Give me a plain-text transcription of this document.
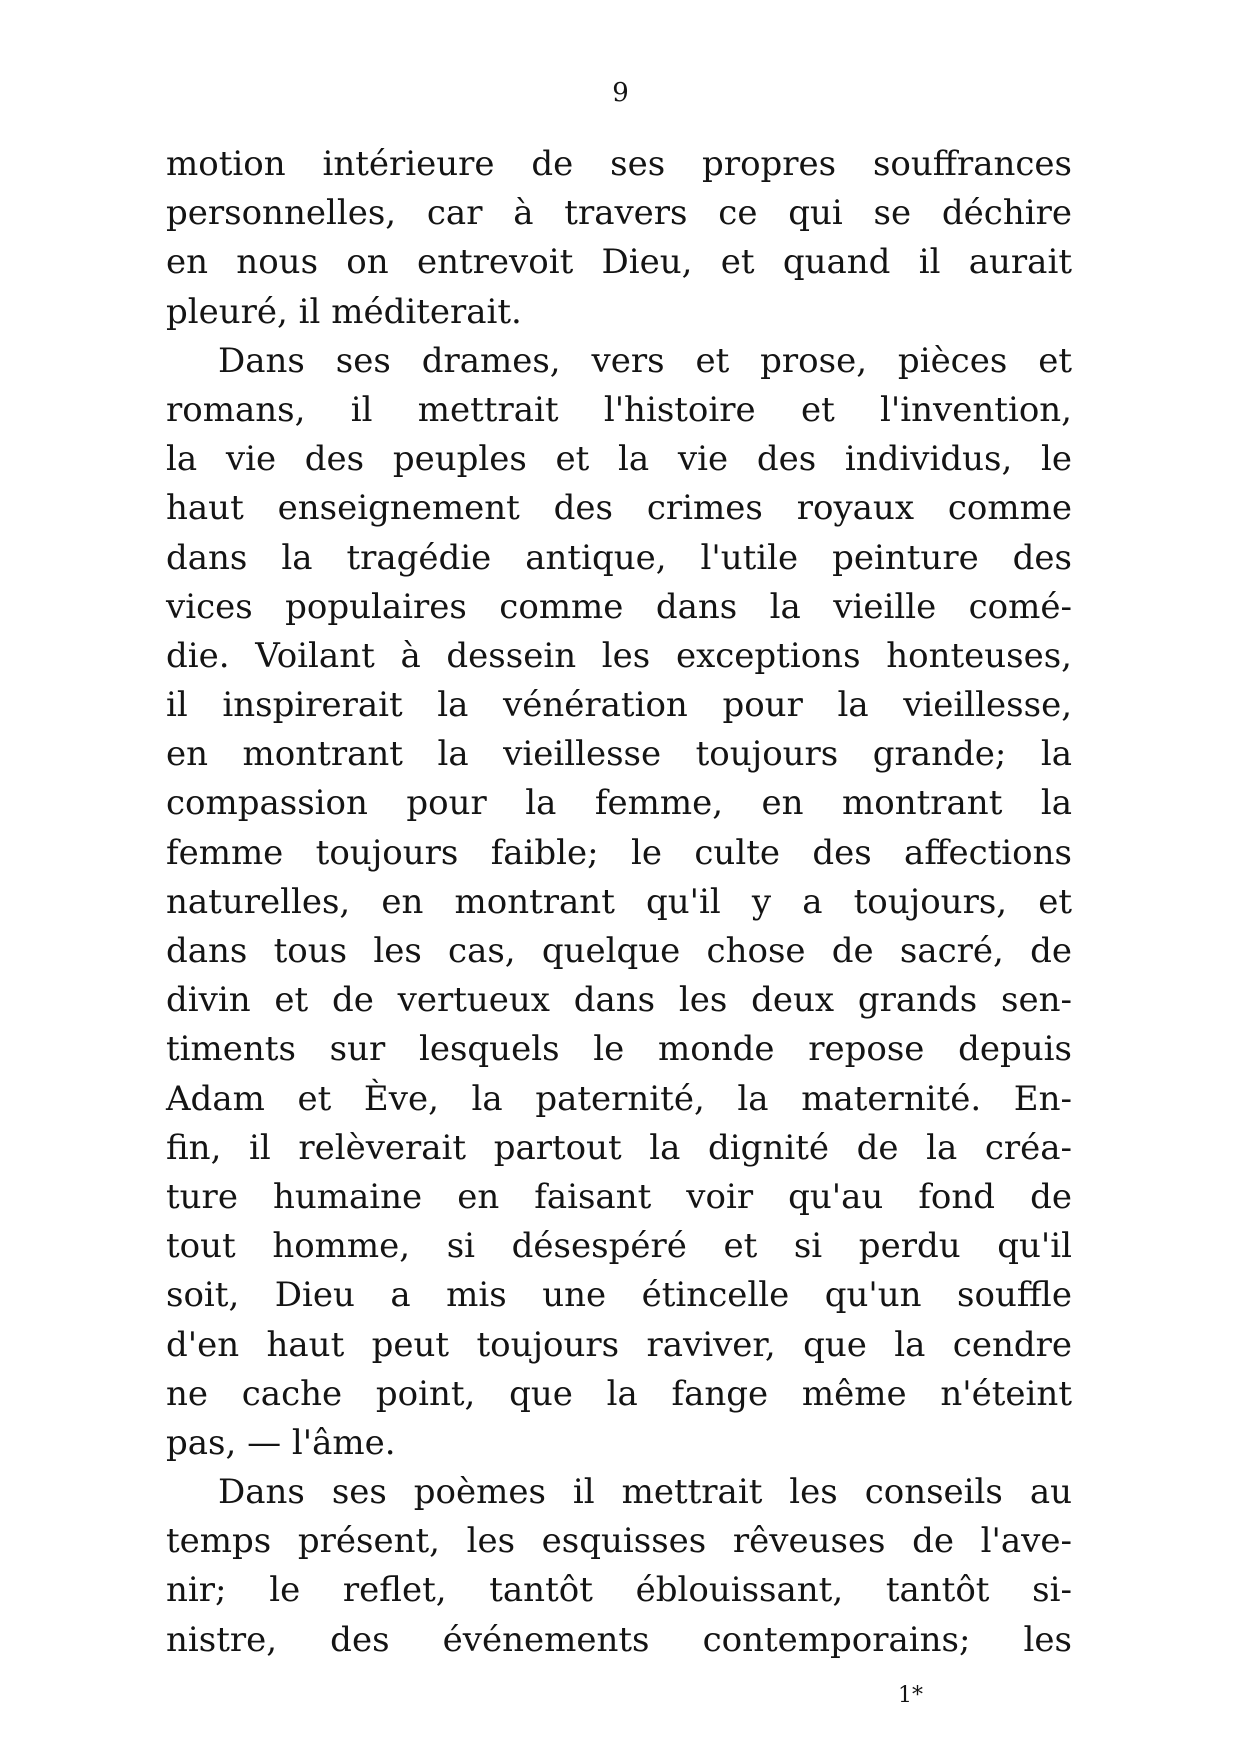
9
motion intérieure de ses propres souffrances
personnelles, car à travers ce qui se déchire
en nous on entrevoit Dieu, et quand il aurait
pleuré, il méditerait.
Dans ses drames, vers et prose, pièces et
romans, il mettrait l'histoire et l'invention,
la vie des peuples et la vie des individus, le
haut enseignement des crimes royaux comme
dans la tragédie antique, l'utile peinture des
vices populaires comme dans la vieille comé-
die. Voilant à dessein les exceptions honteuses,
il inspirerait la vénération pour la vieillesse,
en montrant la vieillesse toujours grande; la
compassion pour la femme, en montrant la
femme toujours faible; le culte des affections
naturelles, en montrant qu'il y a toujours, et
dans tous les cas, quelque chose de sacré, de
divin et de vertueux dans les deux grands sen-
timents sur lesquels le monde repose depuis
Adam et Ève, la paternité, la maternité. En-
fin, il relèverait partout la dignité de la créa-
ture humaine en faisant voir qu'au fond de
tout homme, si désespéré et si perdu qu'il
soit, Dieu a mis une étincelle qu'un souffle
d'en haut peut toujours raviver, que la cendre
ne cache point, que la fange même n'éteint
pas, — l'âme.
Dans ses poèmes il mettrait les conseils au
temps présent, les esquisses rêveuses de l'ave-
nir; le reflet, tantôt éblouissant, tantôt si-
nistre, des événements contemporains; les
1*
